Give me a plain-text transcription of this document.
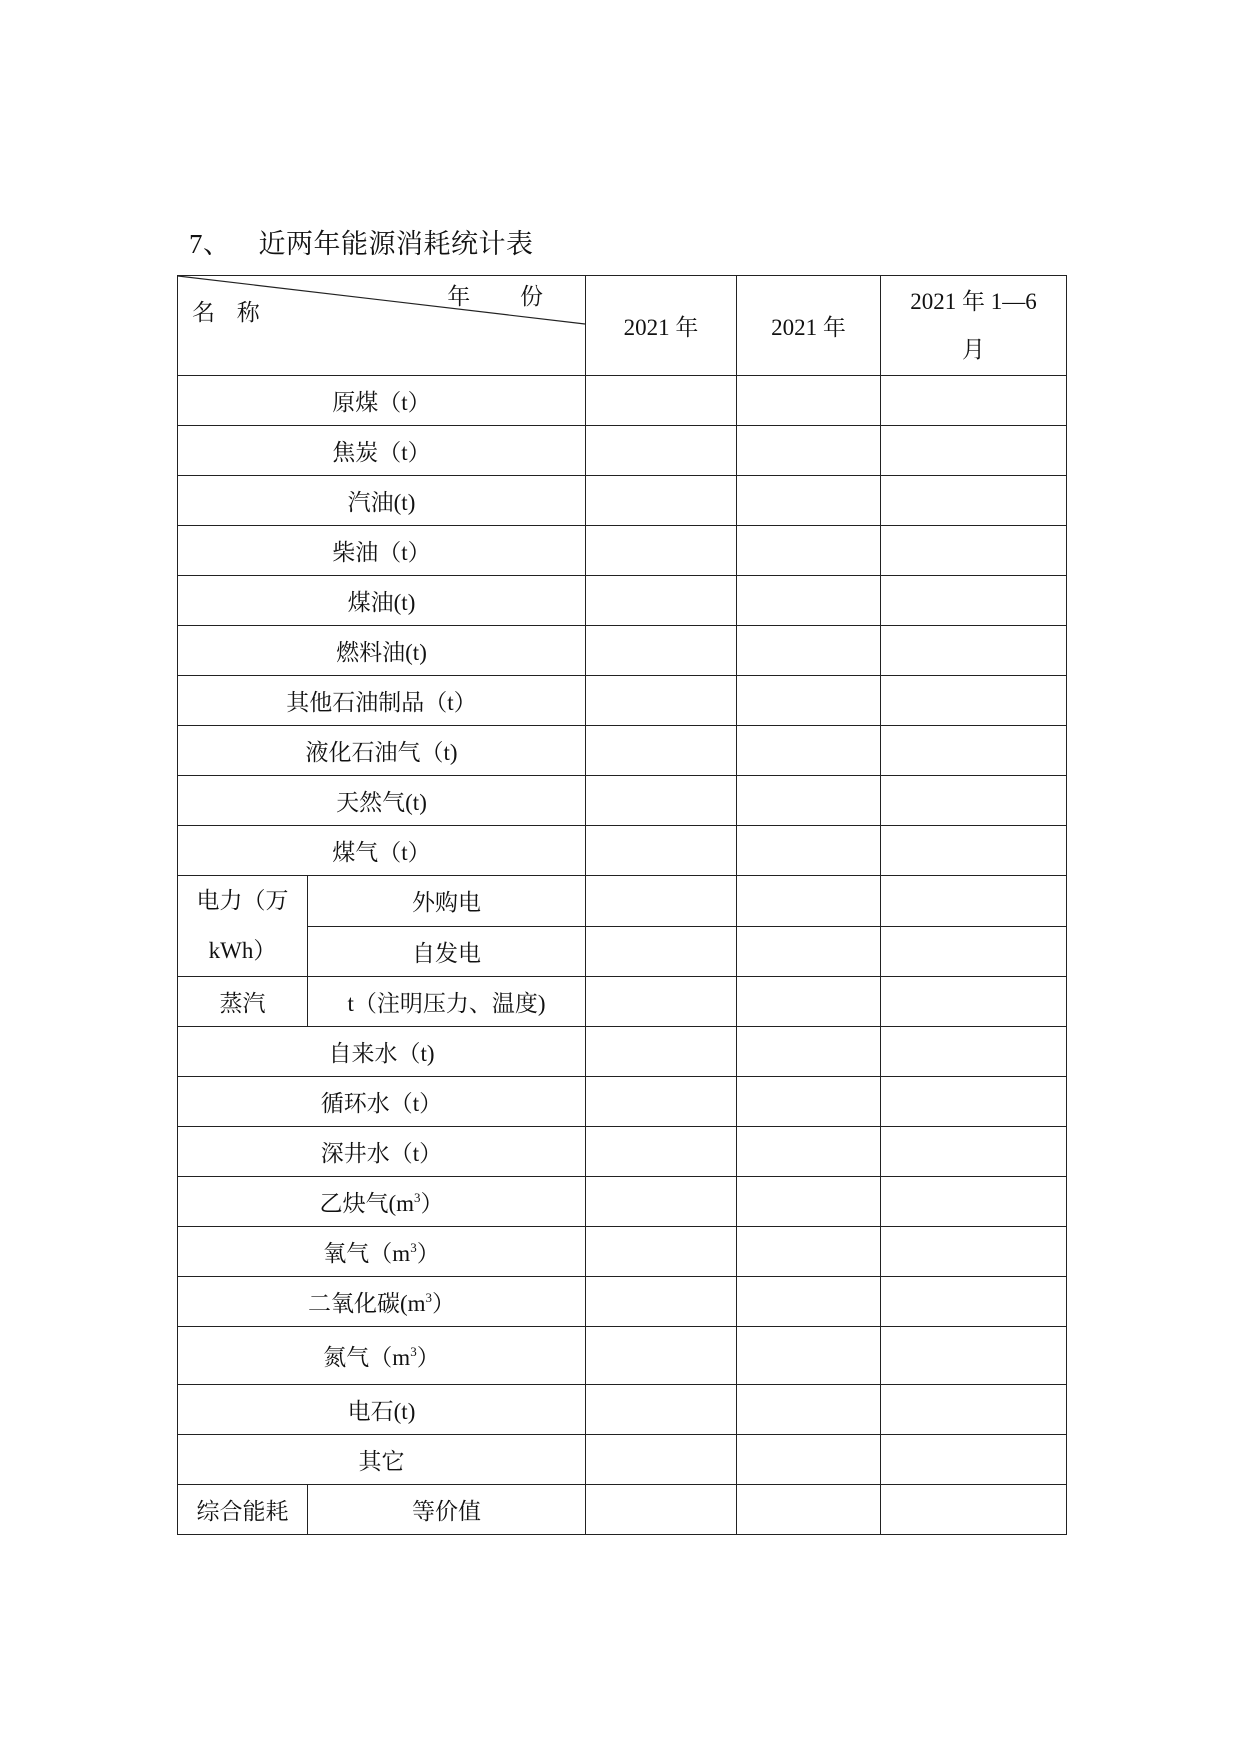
7、 近两年能源消耗统计表
年 份
名 称		2021 年	2021 年	2021 年 1—6
月
原煤（t）				
焦炭（t）				
汽油(t)				
柴油（t）				
煤油(t)				
燃料油(t)				
其他石油制品（t）				
液化石油气（t)				
天然气(t)				
煤气（t）				
电力（万
kWh）	外购电			
	自发电			
蒸汽	t（注明压力、温度)			
自来水（t)				
循环水（t）				
深井水（t）				
乙炔气$(m^3)$				
氧气$(m^3)$				
二氧化碳$(m^3)$				
氮气$(m^3)$				
电石(t)				
其它				
综合能耗	等价值			
